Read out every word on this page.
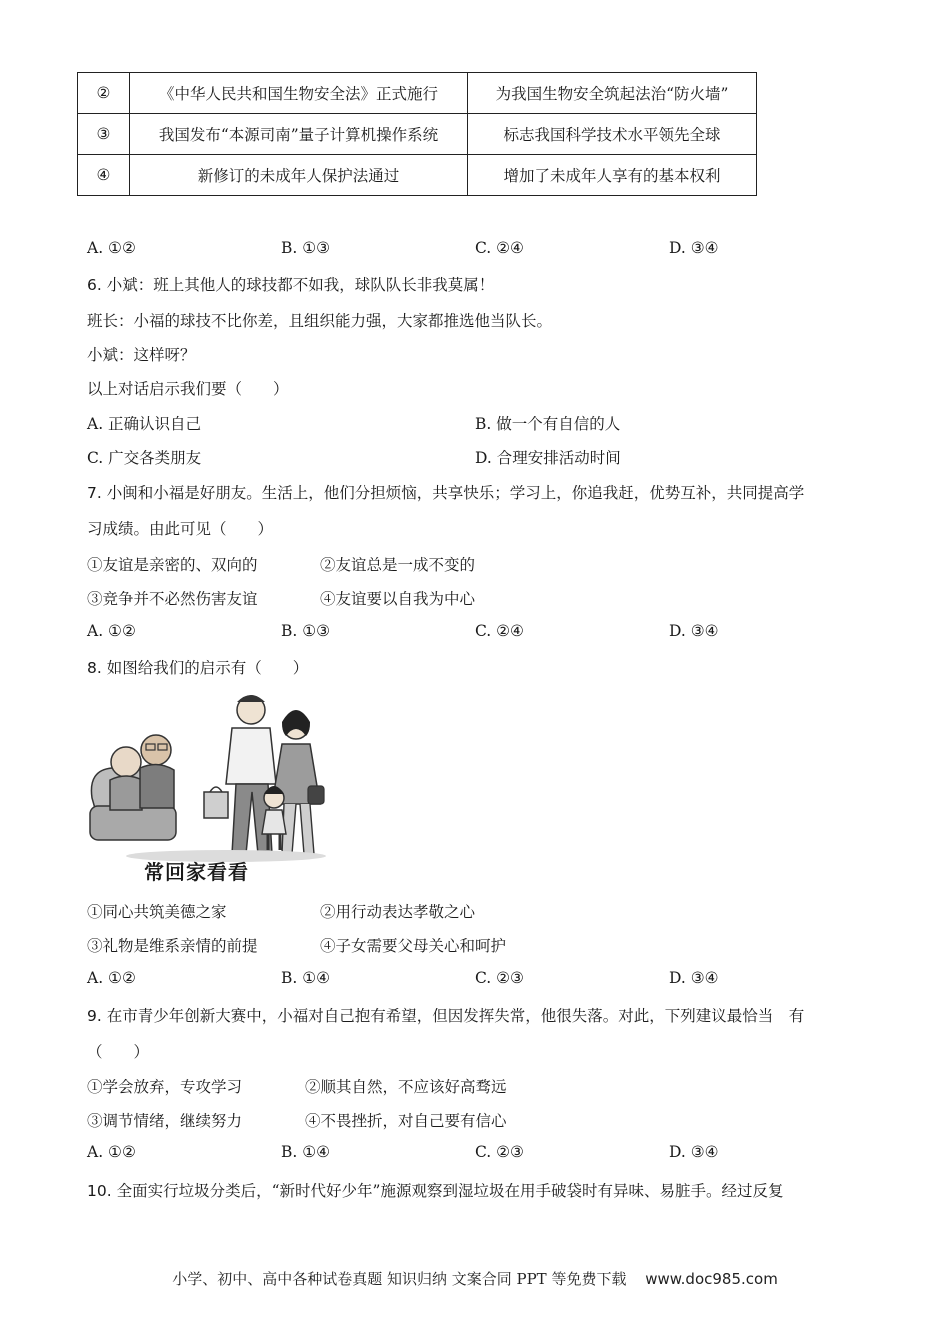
②	《中华人民共和国生物安全法》正式施行	为我国生物安全筑起法治“防火墙”
③	我国发布“本源司南”量子计算机操作系统	标志我国科学技术水平领先全球
④	新修订的未成年人保护法通过	增加了未成年人享有的基本权利
A. ①②	B. ①③	C. ②④	D. ③④
6. 小斌：班上其他人的球技都不如我，球队队长非我莫属！
班长：小福的球技不比你差，且组织能力强，大家都推选他当队长。
小斌：这样呀？
以上对话启示我们要（　　）
A. 正确认识自己	B. 做一个有自信的人
C. 广交各类朋友	D. 合理安排活动时间
7. 小闽和小福是好朋友。生活上，他们分担烦恼，共享快乐；学习上，你追我赶，优势互补，共同提高学
习成绩。由此可见（　　）
①友谊是亲密的、双向的	②友谊总是一成不变的
③竞争并不必然伤害友谊	④友谊要以自我为中心
A. ①②	B. ①③	C. ②④	D. ③④
8. 如图给我们的启示有（　　）
常回家看看
①同心共筑美德之家	②用行动表达孝敬之心
③礼物是维系亲情的前提	④子女需要父母关心和呵护
A. ①②	B. ①④	C. ②③	D. ③④
9. 在市青少年创新大赛中，小福对自己抱有希望，但因发挥失常，他很失落。对此，下列建议最恰当　有
（　　）
①学会放弃，专攻学习	②顺其自然，不应该好高骛远
③调节情绪，继续努力	④不畏挫折，对自己要有信心
A. ①②	B. ①④	C. ②③	D. ③④
10. 全面实行垃圾分类后，“新时代好少年”施源观察到湿垃圾在用手破袋时有异味、易脏手。经过反复
小学、初中、高中各种试卷真题 知识归纳 文案合同 PPT 等免费下载 www.doc985.com
